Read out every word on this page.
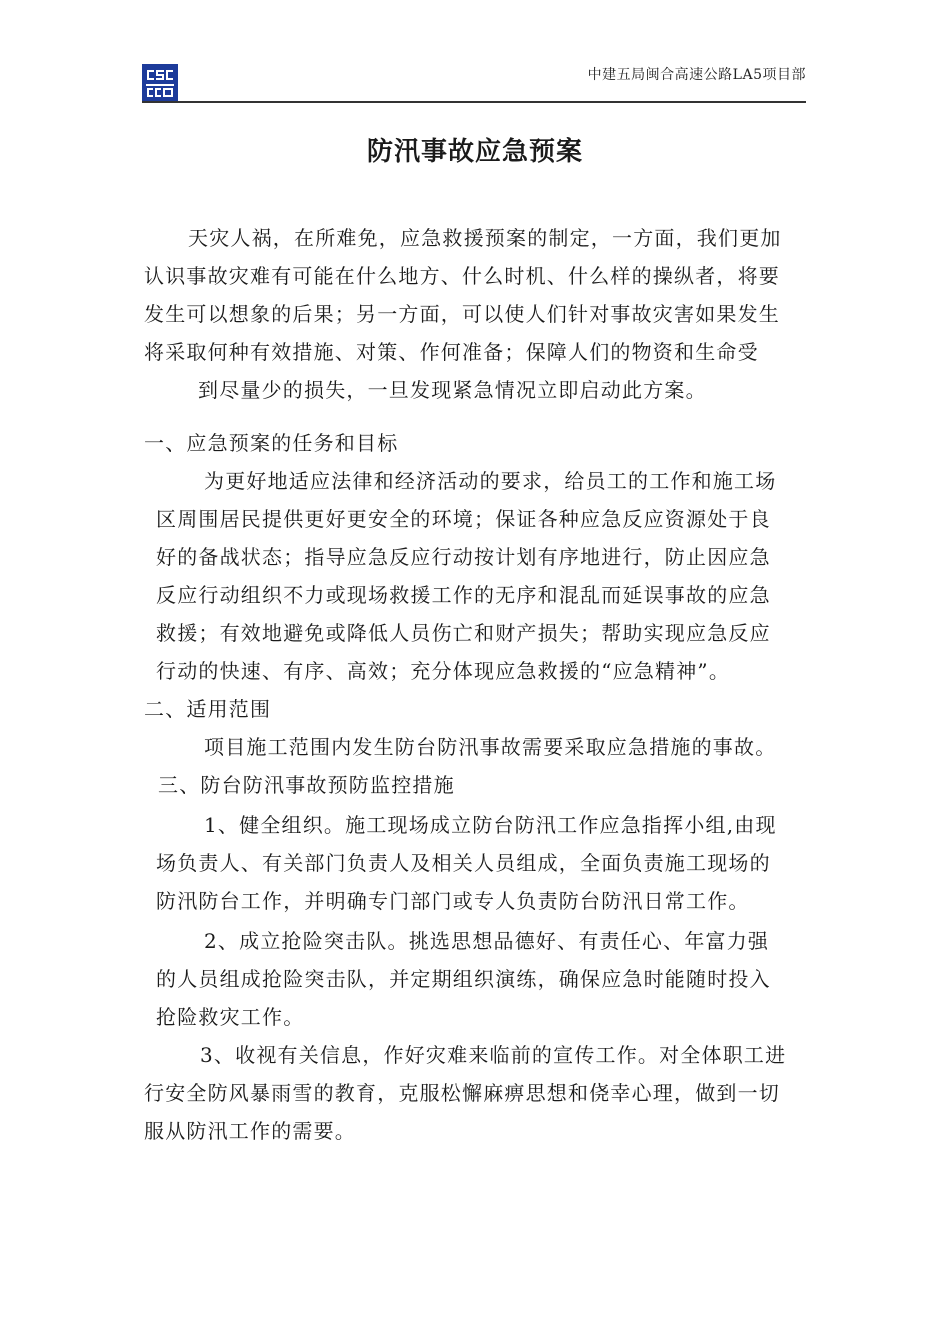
中建五局闽合高速公路LA5项目部
防汛事故应急预案

天灾人祸，在所难免，应急救援预案的制定，一方面，我们更加认识事故灾难有可能在什么地方、什么时机、什么样的操纵者，将要发生可以想象的后果；另一方面，可以使人们针对事故灾害如果发生将采取何种有效措施、对策、作何准备；保障人们的物资和生命受

到尽量少的损失，一旦发现紧急情况立即启动此方案。

一、应急预案的任务和目标

为更好地适应法律和经济活动的要求，给员工的工作和施工场区周围居民提供更好更安全的环境；保证各种应急反应资源处于良好的备战状态；指导应急反应行动按计划有序地进行，防止因应急反应行动组织不力或现场救援工作的无序和混乱而延误事故的应急救援；有效地避免或降低人员伤亡和财产损失；帮助实现应急反应行动的快速、有序、高效；充分体现应急救援的“应急精神”。

二、适用范围

项目施工范围内发生防台防汛事故需要采取应急措施的事故。

三、防台防汛事故预防监控措施

1、健全组织。施工现场成立防台防汛工作应急指挥小组,由现场负责人、有关部门负责人及相关人员组成，全面负责施工现场的防汛防台工作，并明确专门部门或专人负责防台防汛日常工作。

2、成立抢险突击队。挑选思想品德好、有责任心、年富力强的人员组成抢险突击队，并定期组织演练，确保应急时能随时投入抢险救灾工作。

3、收视有关信息，作好灾难来临前的宣传工作。对全体职工进行安全防风暴雨雪的教育，克服松懈麻痹思想和侥幸心理，做到一切服从防汛工作的需要。
